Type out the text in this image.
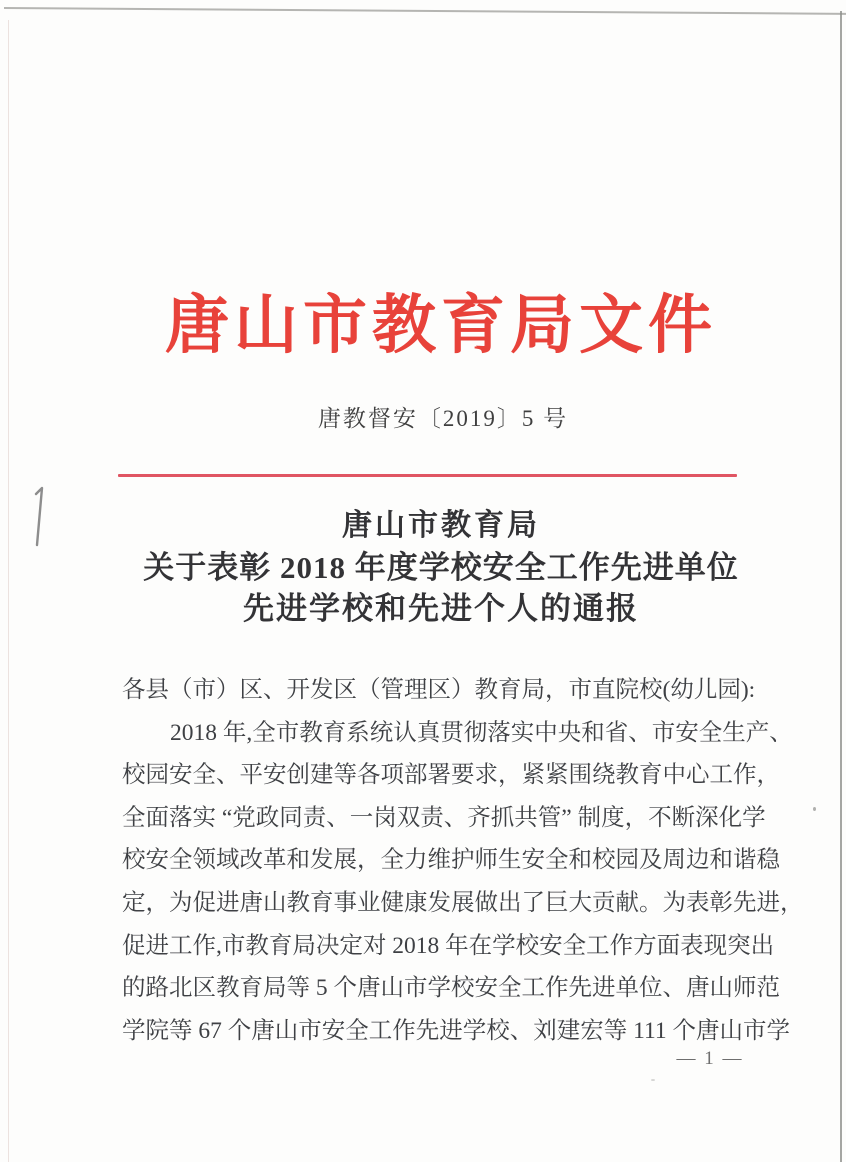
唐山市教育局文件
唐教督安〔2019〕5 号
唐山市教育局
关于表彰 2018 年度学校安全工作先进单位
先进学校和先进个人的通报
各县（市）区、开发区（管理区）教育局，市直院校(幼儿园):
2018 年,全市教育系统认真贯彻落实中央和省、市安全生产、
校园安全、平安创建等各项部署要求，紧紧围绕教育中心工作，
全面落实 “党政同责、一岗双责、齐抓共管” 制度，不断深化学
校安全领域改革和发展，全力维护师生安全和校园及周边和谐稳
定，为促进唐山教育事业健康发展做出了巨大贡献。为表彰先进，
促进工作,市教育局决定对 2018 年在学校安全工作方面表现突出
的路北区教育局等 5 个唐山市学校安全工作先进单位、唐山师范
学院等 67 个唐山市安全工作先进学校、刘建宏等 111 个唐山市学
— 1 —
